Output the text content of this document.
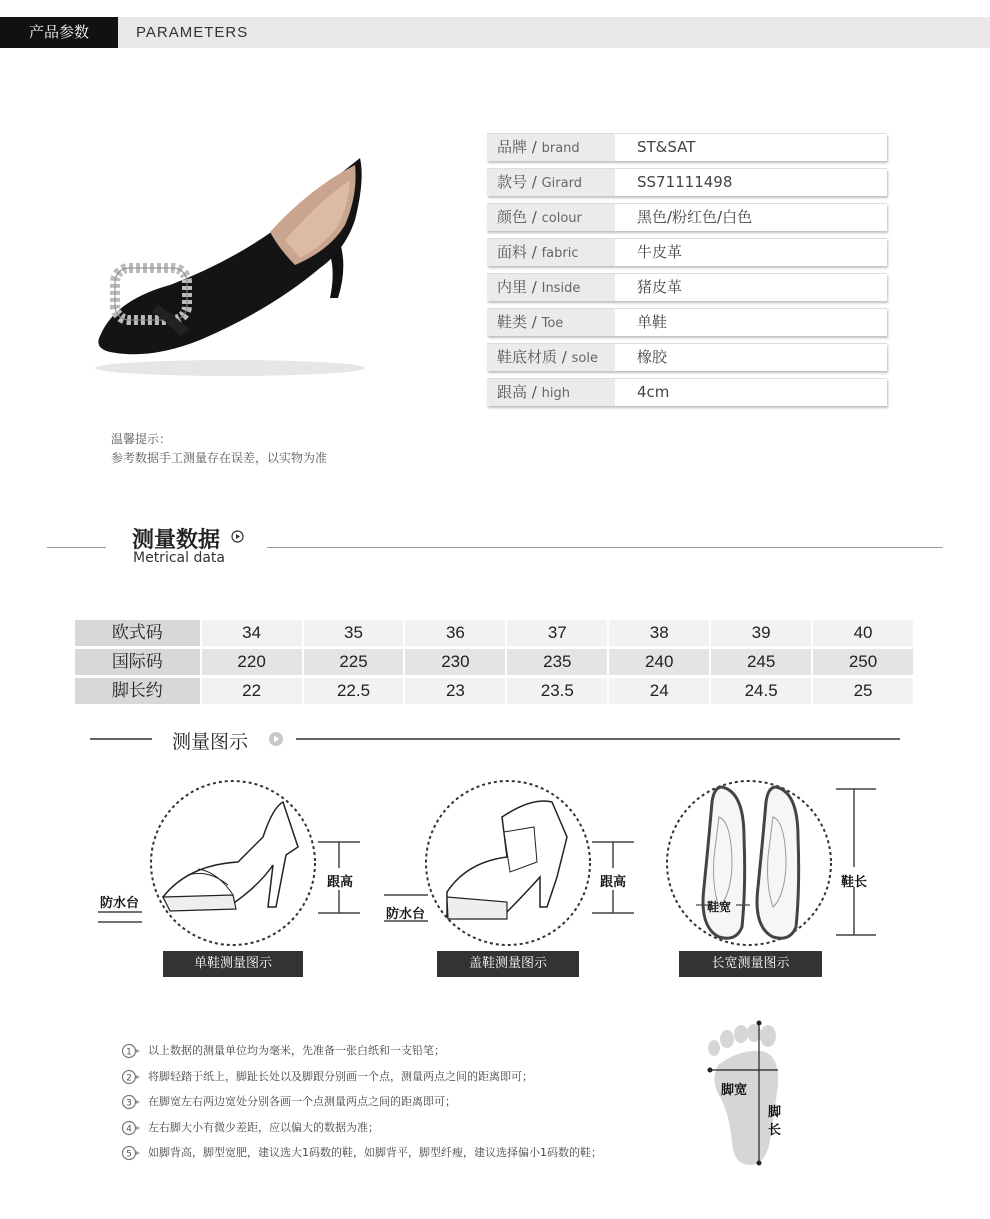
产品参数	PARAMETERS
温馨提示：
参考数据手工测量存在误差，以实物为准
品牌 / brand	ST&SAT
款号 / Girard	SS71111498
颜色 / colour	黑色/粉红色/白色
面料 / fabric	牛皮革
内里 / Inside	猪皮革
鞋类 / Toe	单鞋
鞋底材质 / sole	橡胶
跟高 / high	4cm
测量数据
Metrical data
欧式码	34	35	36	37	38	39	40
国际码	220	225	230	235	240	245	250
脚长约	22	22.5	23	23.5	24	24.5	25
测量图示
防水台
跟高
单鞋测量图示
防水台
跟高
盖鞋测量图示
鞋宽
鞋长
长宽测量图示
1 以上数据的测量单位均为毫米，先准备一张白纸和一支铅笔；
2 将脚轻踏于纸上，脚趾长处以及脚跟分别画一个点，测量两点之间的距离即可；
3 在脚宽左右两边宽处分别各画一个点测量两点之间的距离即可；
4 左右脚大小有微少差距，应以偏大的数据为准；
5 如脚背高，脚型宽肥，建议选大1码数的鞋，如脚背平，脚型纤瘦，建议选择偏小1码数的鞋；
脚宽
脚
长
